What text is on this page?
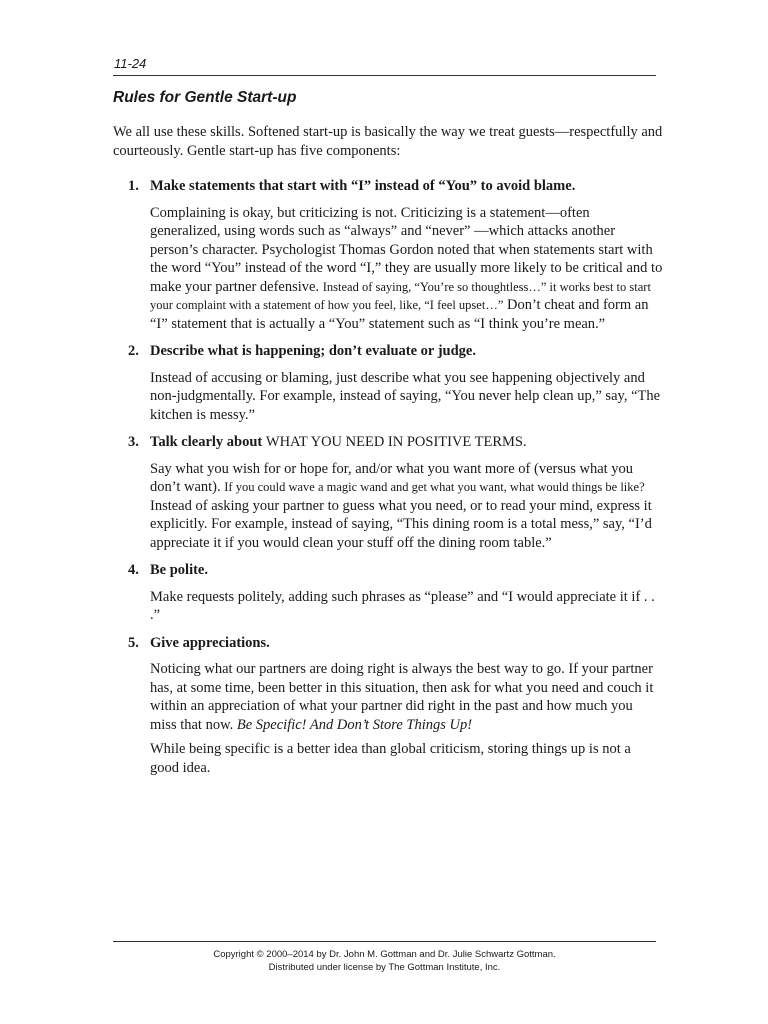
11-24
Rules for Gentle Start-up

We all use these skills. Softened start-up is basically the way we treat guests—respectfully and courteously. Gentle start-up has five components:

1. Make statements that start with “I” instead of “You” to avoid blame.

Complaining is okay, but criticizing is not. Criticizing is a statement—often generalized, using words such as “always” and “never” —which attacks another person’s character. Psychologist Thomas Gordon noted that when statements start with the word “You” instead of the word “I,” they are usually more likely to be critical and to make your partner defensive. Instead of saying, “You’re so thoughtless…” it works best to start your complaint with a statement of how you feel, like, “I feel upset…” Don’t cheat and form an “I” statement that is actually a “You” statement such as “I think you’re mean.”

2. Describe what is happening; don’t evaluate or judge.

Instead of accusing or blaming, just describe what you see happening objectively and non-judgmentally. For example, instead of saying, “You never help clean up,” say, “The kitchen is messy.”

3. Talk clearly about WHAT YOU NEED IN POSITIVE TERMS.

Say what you wish for or hope for, and/or what you want more of (versus what you don’t want). If you could wave a magic wand and get what you want, what would things be like? Instead of asking your partner to guess what you need, or to read your mind, express it explicitly. For example, instead of saying, “This dining room is a total mess,” say, “I’d appreciate it if you would clean your stuff off the dining room table.”

4. Be polite.

Make requests politely, adding such phrases as “please” and “I would appreciate it if . . .”

5. Give appreciations.

Noticing what our partners are doing right is always the best way to go. If your partner has, at some time, been better in this situation, then ask for what you need and couch it within an appreciation of what your partner did right in the past and how much you miss that now. Be Specific! And Don’t Store Things Up!

While being specific is a better idea than global criticism, storing things up is not a good idea.

Copyright © 2000–2014 by Dr. John M. Gottman and Dr. Julie Schwartz Gottman.
Distributed under license by The Gottman Institute, Inc.
